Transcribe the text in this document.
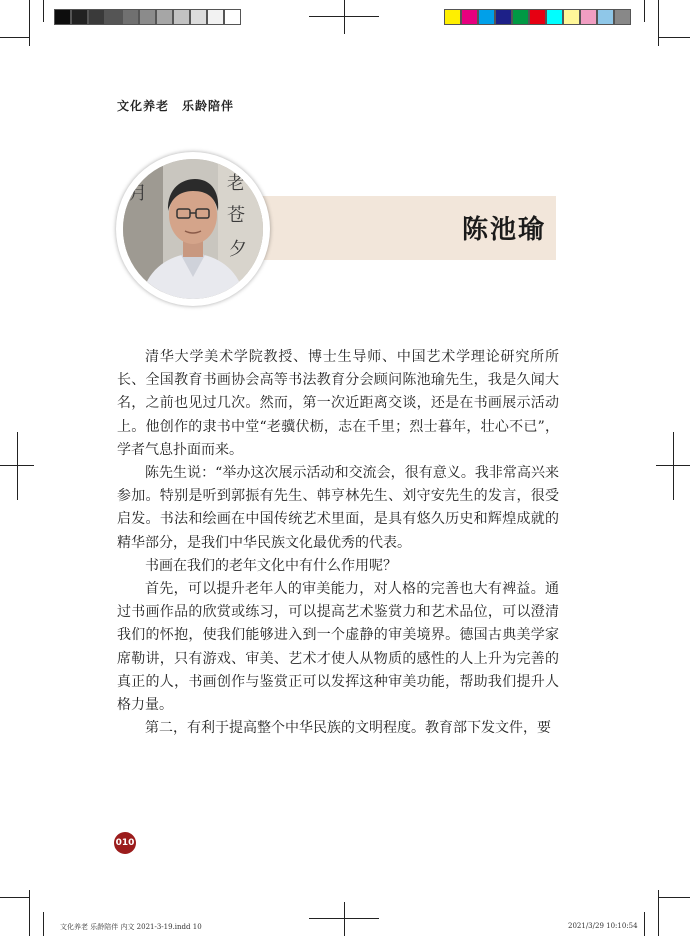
文化养老　乐龄陪伴
陈池瑜
月	老
苍
夕

清华大学美术学院教授、博士生导师、中国艺术学理论研究所所长、全国教育书画协会高等书法教育分会顾问陈池瑜先生，我是久闻大名，之前也见过几次。然而，第一次近距离交谈，还是在书画展示活动上。他创作的隶书中堂“老骥伏枥，志在千里；烈士暮年，壮心不已”，学者气息扑面而来。

陈先生说：“举办这次展示活动和交流会，很有意义。我非常高兴来参加。特别是听到郭振有先生、韩亨林先生、刘守安先生的发言，很受启发。书法和绘画在中国传统艺术里面，是具有悠久历史和辉煌成就的精华部分，是我们中华民族文化最优秀的代表。

书画在我们的老年文化中有什么作用呢？

首先，可以提升老年人的审美能力，对人格的完善也大有裨益。通过书画作品的欣赏或练习，可以提高艺术鉴赏力和艺术品位，可以澄清我们的怀抱，使我们能够进入到一个虚静的审美境界。德国古典美学家席勒讲，只有游戏、审美、艺术才使人从物质的感性的人上升为完善的真正的人，书画创作与鉴赏正可以发挥这种审美功能，帮助我们提升人格力量。

第二，有利于提高整个中华民族的文明程度。教育部下发文件，要

010
文化养老 乐龄陪伴 内文 2021-3-19.indd 10	2021/3/29 10:10:54
